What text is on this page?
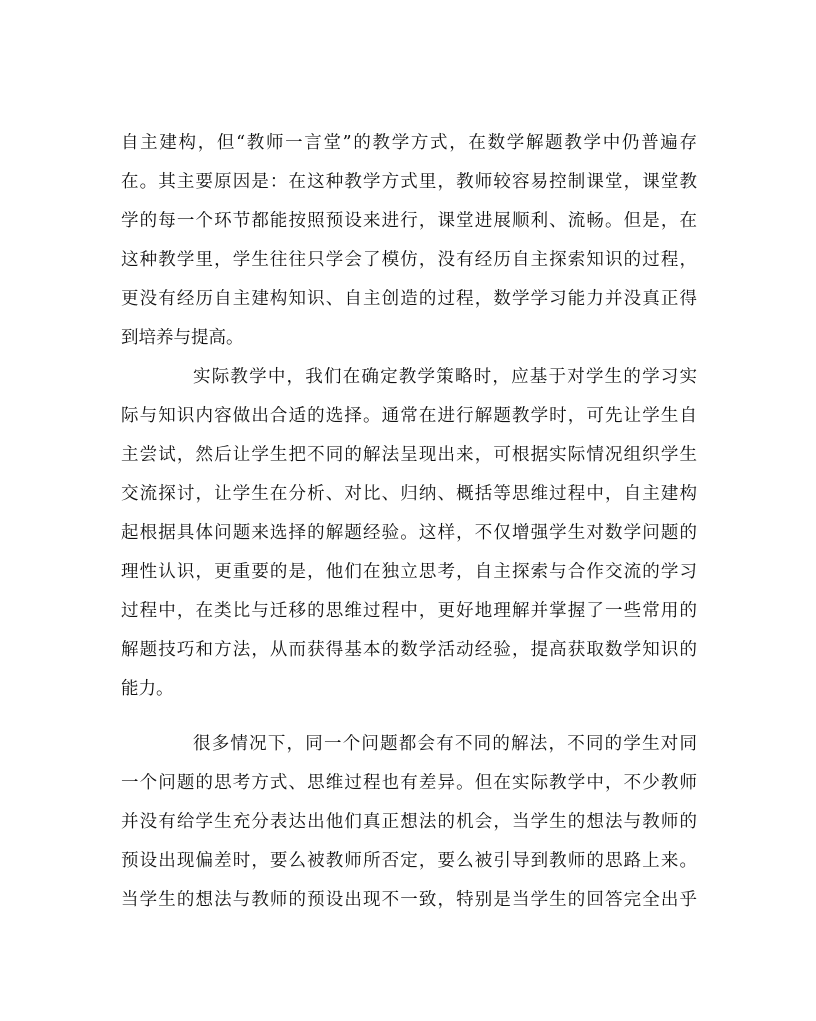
自主建构，但“教师一言堂”的教学方式，在数学解题教学中仍普遍存
在。其主要原因是：在这种教学方式里，教师较容易控制课堂，课堂教
学的每一个环节都能按照预设来进行，课堂进展顺利、流畅。但是，在
这种教学里，学生往往只学会了模仿，没有经历自主探索知识的过程，
更没有经历自主建构知识、自主创造的过程，数学学习能力并没真正得
到培养与提高。
实际教学中，我们在确定教学策略时，应基于对学生的学习实
际与知识内容做出合适的选择。通常在进行解题教学时，可先让学生自
主尝试，然后让学生把不同的解法呈现出来，可根据实际情况组织学生
交流探讨，让学生在分析、对比、归纳、概括等思维过程中，自主建构
起根据具体问题来选择的解题经验。这样，不仅增强学生对数学问题的
理性认识，更重要的是，他们在独立思考，自主探索与合作交流的学习
过程中，在类比与迁移的思维过程中，更好地理解并掌握了一些常用的
解题技巧和方法，从而获得基本的数学活动经验，提高获取数学知识的
能力。
很多情况下，同一个问题都会有不同的解法，不同的学生对同
一个问题的思考方式、思维过程也有差异。但在实际教学中，不少教师
并没有给学生充分表达出他们真正想法的机会，当学生的想法与教师的
预设出现偏差时，要么被教师所否定，要么被引导到教师的思路上来。
当学生的想法与教师的预设出现不一致，特别是当学生的回答完全出乎
